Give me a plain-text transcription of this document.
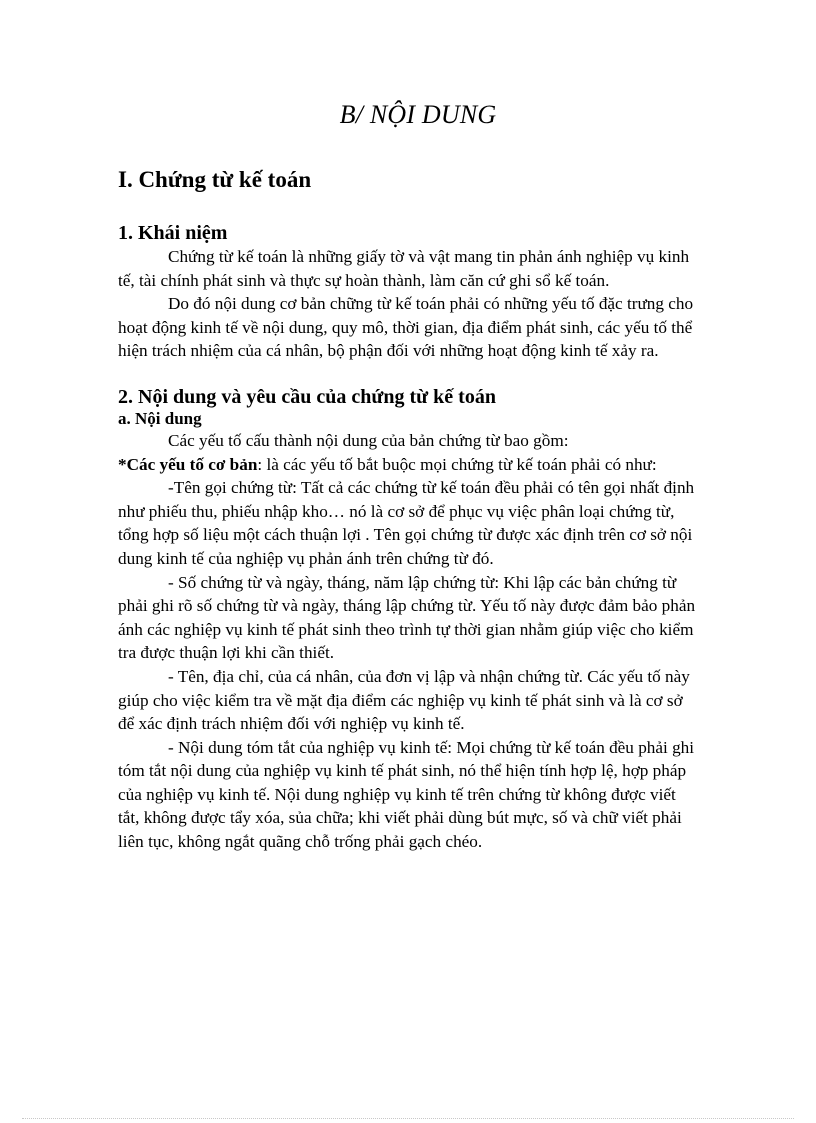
B/ NỘI DUNG
I. Chứng từ kế toán
1. Khái niệm

Chứng từ kế toán là những giấy tờ và vật mang tin phản ánh nghiệp vụ kinh tế, tài chính phát sinh và thực sự hoàn thành, làm căn cứ ghi sổ kế toán.

Do đó nội dung cơ bản chững từ kế toán phải có những yếu tố đặc trưng cho hoạt động kinh tế về nội dung, quy mô, thời gian, địa điểm phát sinh, các yếu tố thể hiện trách nhiệm của cá nhân, bộ phận đối với những hoạt động kinh tế xảy ra.

2. Nội dung và yêu cầu của chứng từ kế toán
a. Nội dung

Các yếu tố cấu thành nội dung của bản chứng từ bao gồm:

*Các yếu tố cơ bản: là các yếu tố bắt buộc mọi chứng từ kế toán phải có như:

-Tên gọi chứng từ: Tất cả các chứng từ kế toán đều phải có tên gọi nhất định như phiếu thu, phiếu nhập kho… nó là cơ sở để phục vụ việc phân loại chứng từ, tổng hợp số liệu một cách thuận lợi . Tên gọi chứng từ được xác định trên cơ sở nội dung kinh tế của nghiệp vụ phản ánh trên chứng từ đó.

- Số chứng từ và ngày, tháng, năm lập chứng từ: Khi lập các bản chứng từ phải ghi rõ số chứng từ và ngày, tháng lập chứng từ. Yếu tố này được đảm bảo phản ánh các nghiệp vụ kinh tế phát sinh theo trình tự thời gian nhằm giúp việc cho kiểm tra được thuận lợi khi cần thiết.

- Tên, địa chỉ, của cá nhân, của đơn vị lập và nhận chứng từ. Các yếu tố này giúp cho việc kiểm tra về mặt địa điểm các nghiệp vụ kinh tế phát sinh và là cơ sở để xác định trách nhiệm đối với nghiệp vụ kinh tế.

- Nội dung tóm tắt của nghiệp vụ kinh tế: Mọi chứng từ kế toán đều phải ghi tóm tắt nội dung của nghiệp vụ kinh tế phát sinh, nó thể hiện tính hợp lệ, hợp pháp của nghiệp vụ kinh tế. Nội dung nghiệp vụ kinh tế trên chứng từ không được viết tắt, không được tẩy xóa, sủa chữa; khi viết phải dùng bút mực, số và chữ viết phải liên tục, không ngắt quãng chỗ trống phải gạch chéo.
